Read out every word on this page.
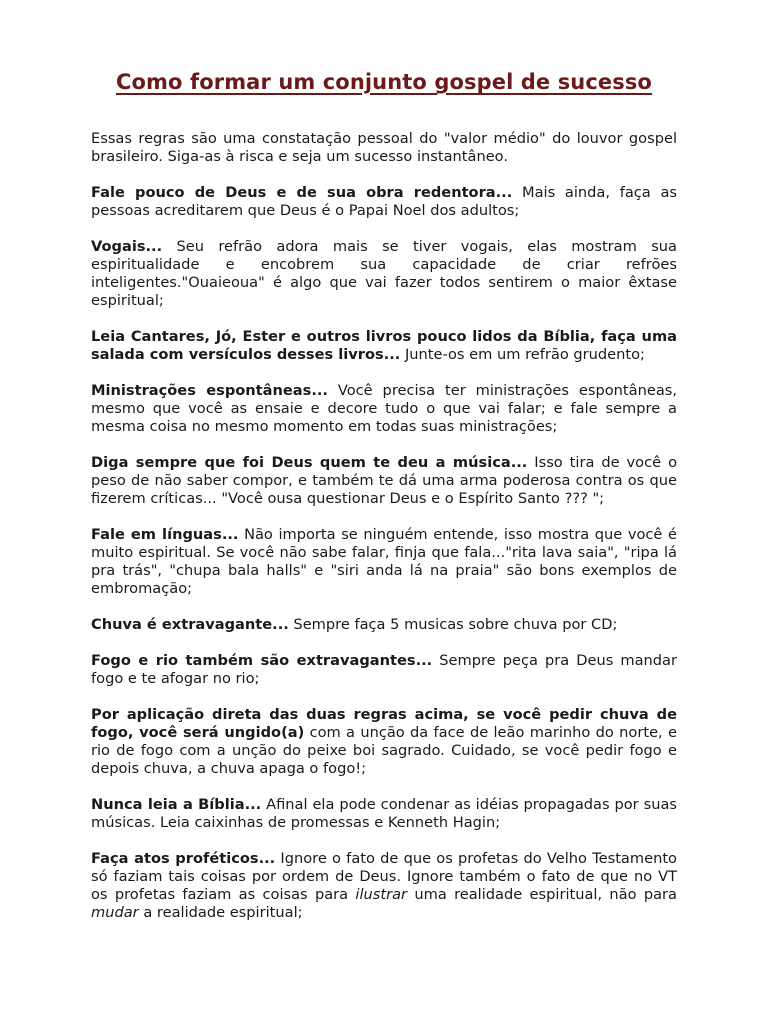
Como formar um conjunto gospel de sucesso

Essas regras são uma constatação pessoal do "valor médio" do louvor gospel brasileiro. Siga-as à risca e seja um sucesso instantâneo.

Fale pouco de Deus e de sua obra redentora... Mais ainda, faça as pessoas acreditarem que Deus é o Papai Noel dos adultos;

Vogais... Seu refrão adora mais se tiver vogais, elas mostram sua espiritualidade e encobrem sua capacidade de criar refrões inteligentes."Ouaieoua" é algo que vai fazer todos sentirem o maior êxtase espiritual;

Leia Cantares, Jó, Ester e outros livros pouco lidos da Bíblia, faça uma salada com versículos desses livros... Junte-os em um refrão grudento;

Ministrações espontâneas... Você precisa ter ministrações espontâneas, mesmo que você as ensaie e decore tudo o que vai falar; e fale sempre a mesma coisa no mesmo momento em todas suas ministrações;

Diga sempre que foi Deus quem te deu a música... Isso tira de você o peso de não saber compor, e também te dá uma arma poderosa contra os que fizerem críticas... "Você ousa questionar Deus e o Espírito Santo ??? ";

Fale em línguas... Não importa se ninguém entende, isso mostra que você é muito espiritual. Se você não sabe falar, finja que fala..."rita lava saia", "ripa lá pra trás", "chupa bala halls" e "siri anda lá na praia" são bons exemplos de embromação;

Chuva é extravagante... Sempre faça 5 musicas sobre chuva por CD;

Fogo e rio também são extravagantes... Sempre peça pra Deus mandar fogo e te afogar no rio;

Por aplicação direta das duas regras acima, se você pedir chuva de fogo, você será ungido(a) com a unção da face de leão marinho do norte, e rio de fogo com a unção do peixe boi sagrado. Cuidado, se você pedir fogo e depois chuva, a chuva apaga o fogo!;

Nunca leia a Bíblia... Afinal ela pode condenar as idéias propagadas por suas músicas. Leia caixinhas de promessas e Kenneth Hagin;

Faça atos proféticos... Ignore o fato de que os profetas do Velho Testamento só faziam tais coisas por ordem de Deus. Ignore também o fato de que no VT os profetas faziam as coisas para ilustrar uma realidade espiritual, não para mudar a realidade espiritual;
